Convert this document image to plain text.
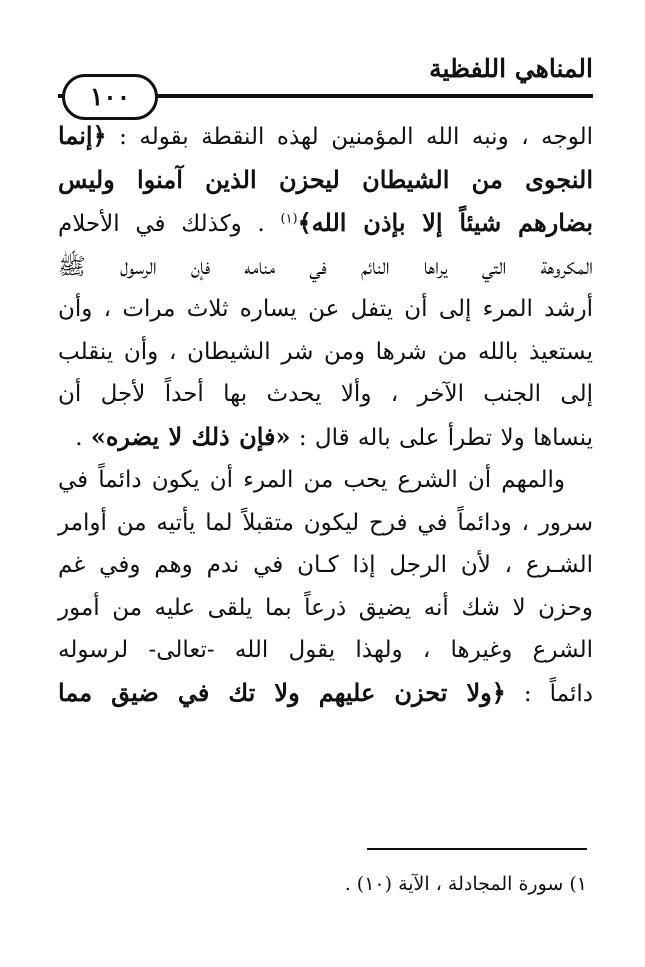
المناهي اللفظية
١٠٠

الوجه ، ونبه الله المؤمنين لهذه النقطة بقوله : ﴿إنما

النجوى من الشيطان ليحزن الذين آمنوا وليس

بضارهم شيئاً إلا بإذن الله﴾$^{(١)}$ . وكذلك في الأحلام

المكروهة التي يراها النائم في منامه فإن الرسول ﷺ

أرشد المرء إلى أن يتفل عن يساره ثلاث مرات ، وأن

يستعيذ بالله من شرها ومن شر الشيطان ، وأن ينقلب

إلى الجنب الآخر ، وألا يحدث بها أحداً لأجل أن

ينساها ولا تطرأ على باله قال : «فإن ذلك لا يضره» .

والمهم أن الشرع يحب من المرء أن يكون دائماً في

سرور ، ودائماً في فرح ليكون متقبلاً لما يأتيه من أوامر

الشـرع ، لأن الرجل إذا كـان في ندم وهم وفي غم

وحزن لا شك أنه يضيق ذرعاً بما يلقى عليه من أمور

الشرع وغيرها ، ولهذا يقول الله -تعالى- لرسوله

دائماً : ﴿ولا تحزن عليهم ولا تك في ضيق مما

١) سورة المجادلة ، الآية (١٠) .
